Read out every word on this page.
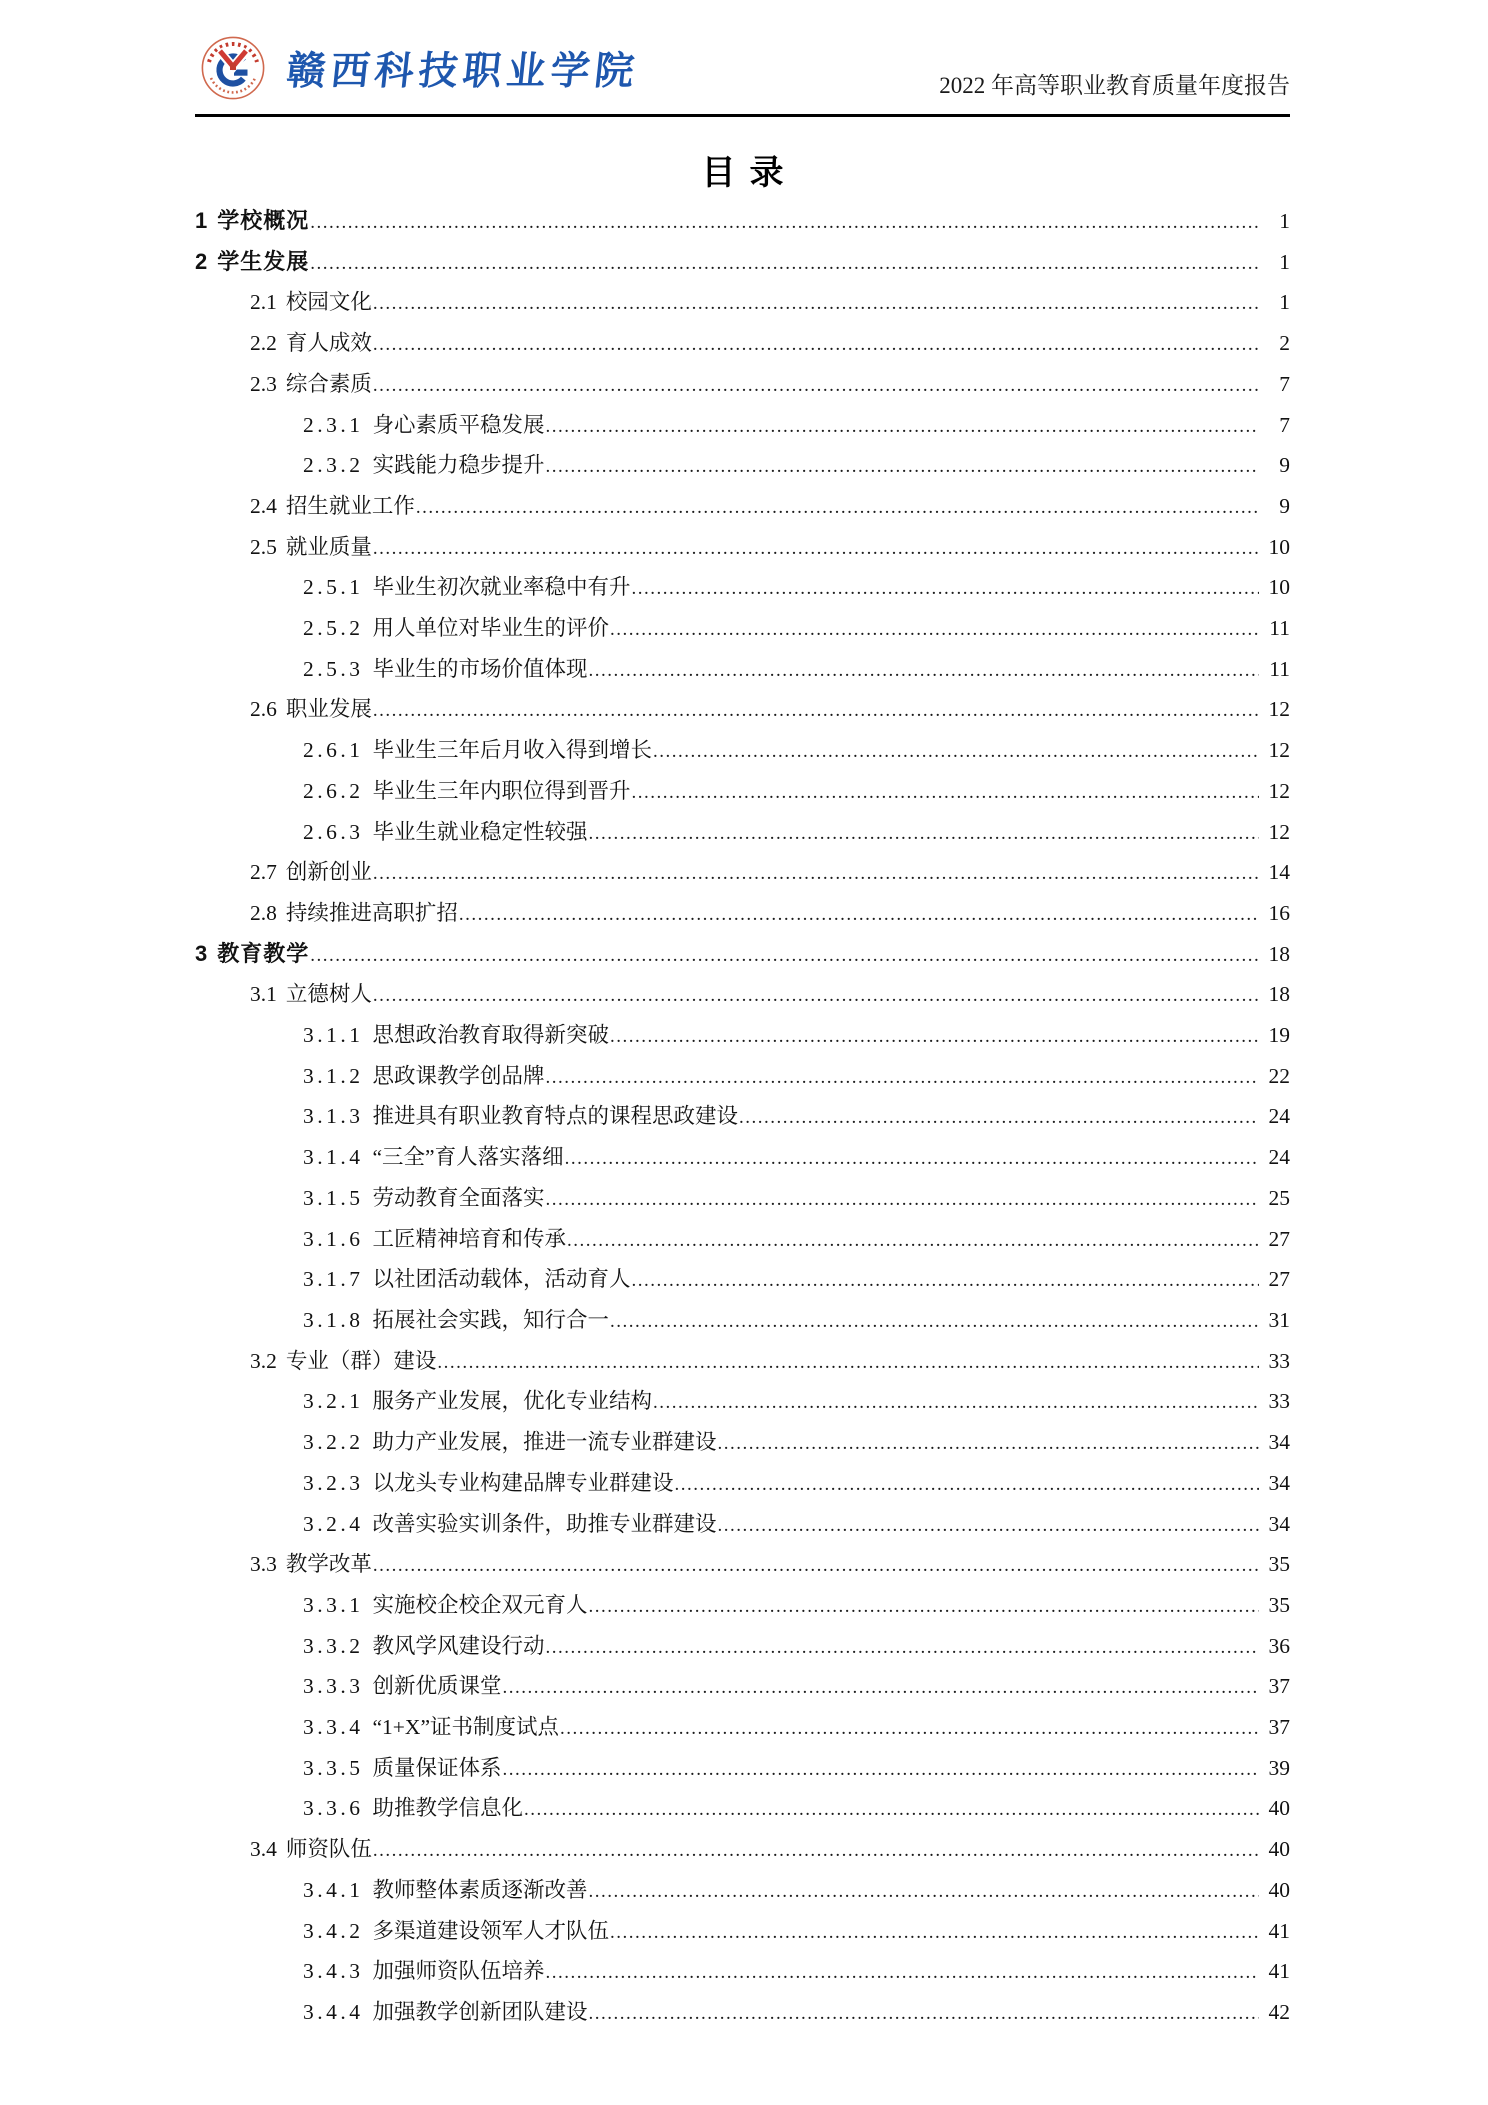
赣西科技职业学院	2022 年高等职业教育质量年度报告
目录
1 学校概况 .....	1
2 学生发展 .....	1
2.1 校园文化 .....	1
2.2 育人成效 .....	2
2.3 综合素质 .....	7
2.3.1 身心素质平稳发展 .....	7
2.3.2 实践能力稳步提升 .....	9
2.4 招生就业工作 .....	9
2.5 就业质量 .....	10
2.5.1 毕业生初次就业率稳中有升 .....	10
2.5.2 用人单位对毕业生的评价 .....	11
2.5.3 毕业生的市场价值体现 .....	11
2.6 职业发展 .....	12
2.6.1 毕业生三年后月收入得到增长 .....	12
2.6.2 毕业生三年内职位得到晋升 .....	12
2.6.3 毕业生就业稳定性较强 .....	12
2.7 创新创业 .....	14
2.8 持续推进高职扩招 .....	16
3 教育教学 .....	18
3.1 立德树人 .....	18
3.1.1 思想政治教育取得新突破 .....	19
3.1.2 思政课教学创品牌 .....	22
3.1.3 推进具有职业教育特点的课程思政建设 .....	24
3.1.4 “三全”育人落实落细 .....	24
3.1.5 劳动教育全面落实 .....	25
3.1.6 工匠精神培育和传承 .....	27
3.1.7 以社团活动载体，活动育人 .....	27
3.1.8 拓展社会实践，知行合一 .....	31
3.2 专业（群）建设 .....	33
3.2.1 服务产业发展，优化专业结构 .....	33
3.2.2 助力产业发展，推进一流专业群建设 .....	34
3.2.3 以龙头专业构建品牌专业群建设 .....	34
3.2.4 改善实验实训条件，助推专业群建设 .....	34
3.3 教学改革 .....	35
3.3.1 实施校企校企双元育人 .....	35
3.3.2 教风学风建设行动 .....	36
3.3.3 创新优质课堂 .....	37
3.3.4 “1+X”证书制度试点 .....	37
3.3.5 质量保证体系 .....	39
3.3.6 助推教学信息化 .....	40
3.4 师资队伍 .....	40
3.4.1 教师整体素质逐渐改善 .....	40
3.4.2 多渠道建设领军人才队伍 .....	41
3.4.3 加强师资队伍培养 .....	41
3.4.4 加强教学创新团队建设 .....	42
